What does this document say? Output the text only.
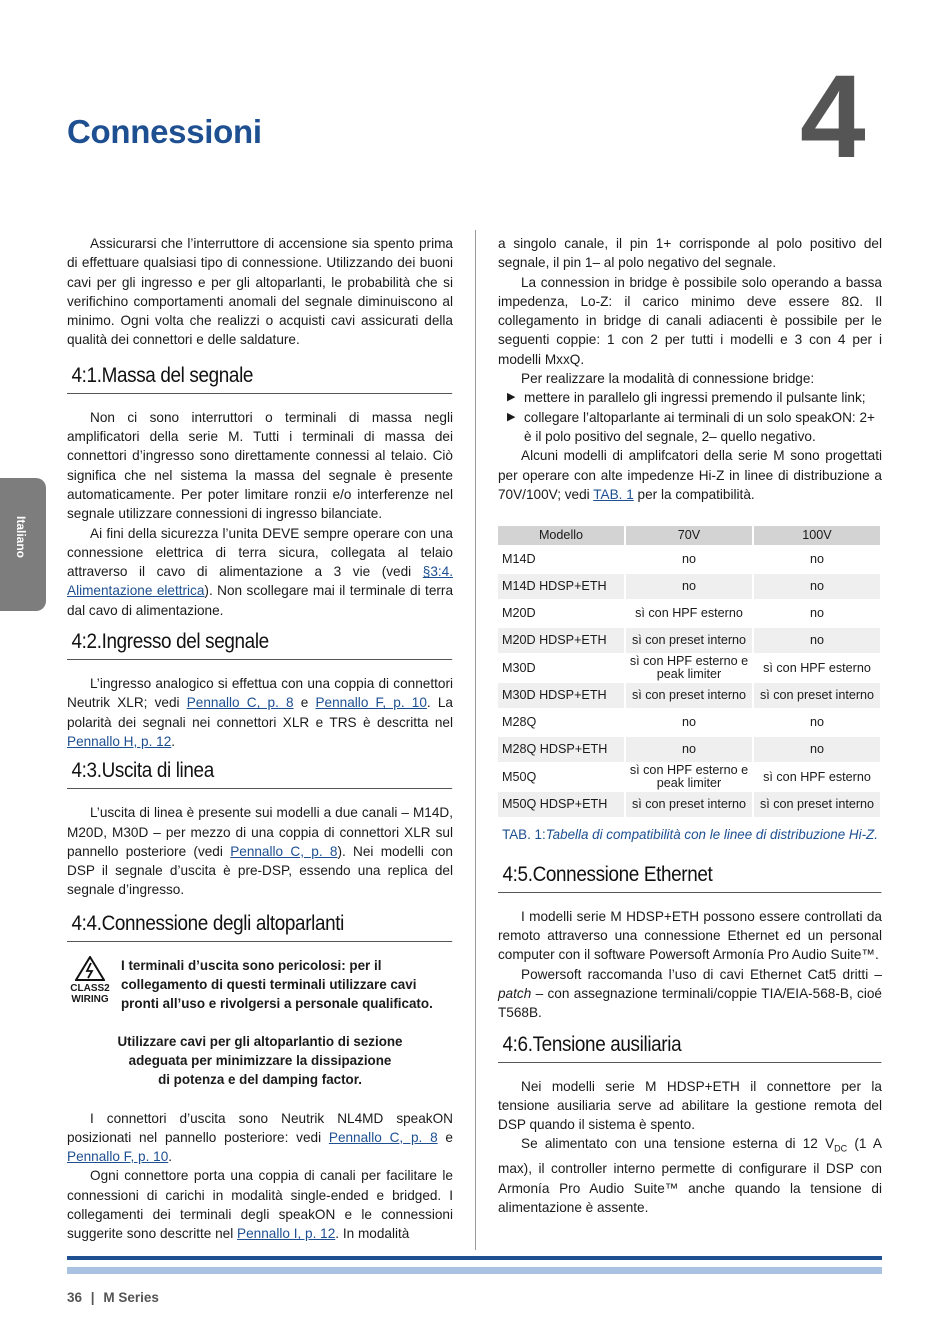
Connessioni	4
Italiano

Assicurarsi che l’interruttore di accensione sia spento prima di effettuare qualsiasi tipo di connessione. Utilizzando dei buoni cavi per gli ingresso e per gli altoparlanti, le probabilità che si verifichino comportamenti anomali del segnale diminuiscono al minimo. Ogni volta che realizzi o acquisti cavi assicurati della qualità dei connettori e delle saldature.

4:1.Massa del segnale

Non ci sono interruttori o terminali di massa negli amplificatori della serie M. Tutti i terminali di massa dei connettori d’ingresso sono direttamente connessi al telaio. Ciò significa che nel sistema la massa del segnale è presente automaticamente. Per poter limitare ronzii e/o interferenze nel segnale utilizzare connessioni di ingresso bilanciate.

Ai fini della sicurezza l’unita DEVE sempre operare con una connessione elettrica di terra sicura, collegata al telaio attraverso il cavo di alimentazione a 3 vie (vedi §3:4. Alimentazione elettrica). Non scollegare mai il terminale di terra dal cavo di alimentazione.

4:2.Ingresso del segnale

L’ingresso analogico si effettua con una coppia di connettori Neutrik XLR; vedi Pennallo C, p. 8 e Pennallo F, p. 10. La polarità dei segnali nei connettori XLR e TRS è descritta nel Pennallo H, p. 12.

4:3.Uscita di linea

L’uscita di linea è presente sui modelli a due canali – M14D, M20D, M30D – per mezzo di una coppia di connettori XLR sul pannello posteriore (vedi Pennallo C, p. 8). Nei modelli con DSP il segnale d’uscita è pre-DSP, essendo una replica del segnale d’ingresso.

4:4.Connessione degli altoparlanti
CLASS2
WIRING
I terminali d’uscita sono pericolosi: per il collegamento di questi terminali utilizzare cavi pronti all’uso e rivolgersi a personale qualificato.
Utilizzare cavi per gli altoparlantio di sezione
adeguata per minimizzare la dissipazione
di potenza e del damping factor.

I connettori d’uscita sono Neutrik NL4MD speakON posizionati nel pannello posteriore: vedi Pennallo C, p. 8 e Pennallo F, p. 10.

Ogni connettore porta una coppia di canali per facilitare le connessioni di carichi in modalità single-ended e bridged. I collegamenti dei terminali degli speakON e le connessioni suggerite sono descritte nel Pennallo I, p. 12. In modalità

a singolo canale, il pin 1+ corrisponde al polo positivo del segnale, il pin 1– al polo negativo del segnale.

La connession in bridge è possibile solo operando a bassa impedenza, Lo-Z: il carico minimo deve essere 8Ω. Il collegamento in bridge di canali adiacenti è possibile per le seguenti coppie: 1 con 2 per tutti i modelli e 3 con 4 per i modelli MxxQ.

Per realizzare la modalità di connessione bridge:

▶ mettere in parallelo gli ingressi premendo il pulsante link;
▶ collegare l’altoparlante ai terminali di un solo speakON: 2+ è il polo positivo del segnale, 2– quello negativo.

Alcuni modelli di amplifcatori della serie M sono progettati per operare con alte impedenze Hi-Z in linee di distribuzione a 70V/100V; vedi TAB. 1 per la compatibilità.

Modello	70V	100V
M14D	no	no
M14D HDSP+ETH	no	no
M20D	sì con HPF esterno	no
M20D HDSP+ETH	sì con preset interno	no
M30D	sì con HPF esterno e peak limiter	sì con HPF esterno
M30D HDSP+ETH	sì con preset interno	sì con preset interno
M28Q	no	no
M28Q HDSP+ETH	no	no
M50Q	sì con HPF esterno e peak limiter	sì con HPF esterno
M50Q HDSP+ETH	sì con preset interno	sì con preset interno
TAB. 1:Tabella di compatibilità con le linee di distribuzione Hi-Z.
4:5.Connessione Ethernet

I modelli serie M HDSP+ETH possono essere controllati da remoto attraverso una connessione Ethernet ed un personal computer con il software Powersoft Armonía Pro Audio Suite™.

Powersoft raccomanda l’uso di cavi Ethernet Cat5 dritti – patch – con assegnazione terminali/coppie TIA/EIA-568-B, cioé T568B.

4:6.Tensione ausiliaria

Nei modelli serie M HDSP+ETH il connettore per la tensione ausiliaria serve ad abilitare la gestione remota del DSP quando il sistema è spento.

Se alimentato con una tensione esterna di 12 $V_{DC}$ (1 A max), il controller interno permette di configurare il DSP con Armonía Pro Audio Suite™ anche quando la tensione di alimentazione è assente.

36 | M Series
